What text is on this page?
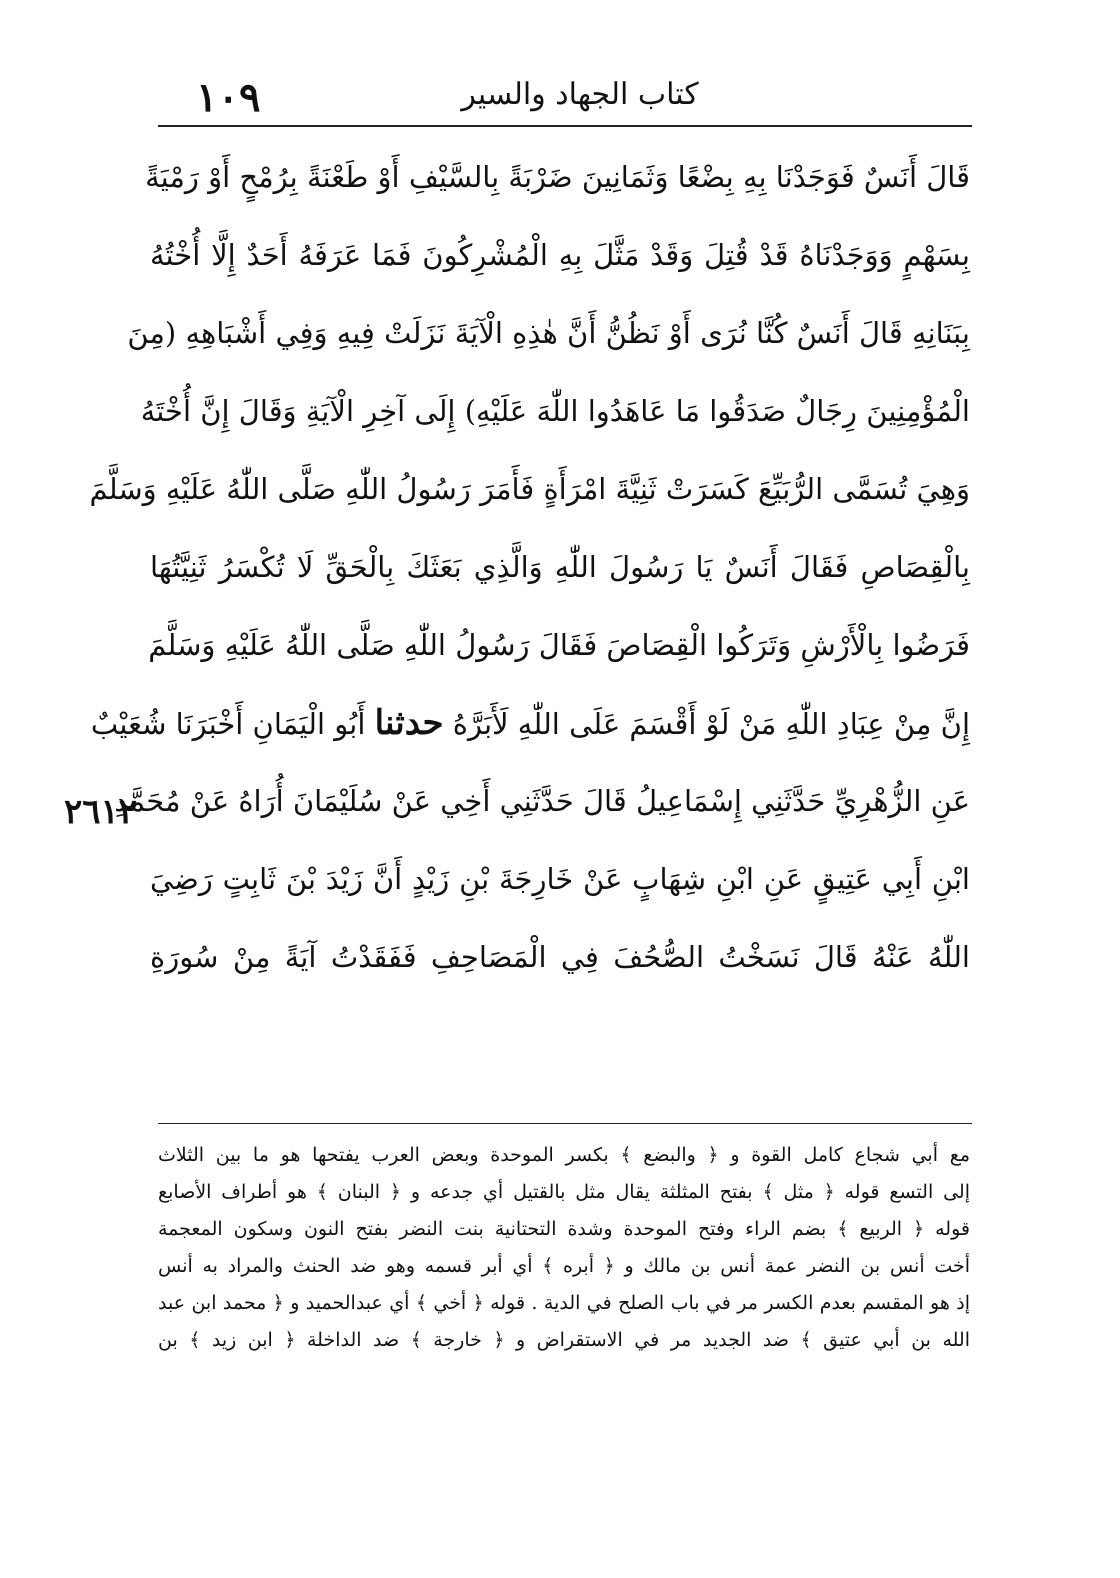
١٠٩	كتاب الجهاد والسير
٢٦١٢
قَالَ أَنَسٌ فَوَجَدْنَا بِهِ بِضْعًا وَثَمَانِينَ ضَرْبَةً بِالسَّيْفِ أَوْ طَعْنَةً بِرُمْحٍ أَوْ رَمْيَةً
بِسَهْمٍ وَوَجَدْنَاهُ قَدْ قُتِلَ وَقَدْ مَثَّلَ بِهِ الْمُشْرِكُونَ فَمَا عَرَفَهُ أَحَدٌ إِلَّا أُخْتُهُ
بِبَنَانِهِ قَالَ أَنَسٌ كُنَّا نُرَى أَوْ نَظُنُّ أَنَّ هٰذِهِ الْآيَةَ نَزَلَتْ فِيهِ وَفِي أَشْبَاهِهِ (مِنَ
الْمُؤْمِنِينَ رِجَالٌ صَدَقُوا مَا عَاهَدُوا اللّٰهَ عَلَيْهِ) إِلَى آخِرِ الْآيَةِ وَقَالَ إِنَّ أُخْتَهُ
وَهِيَ تُسَمَّى الرُّبَيِّعَ كَسَرَتْ ثَنِيَّةَ امْرَأَةٍ فَأَمَرَ رَسُولُ اللّٰهِ صَلَّى اللّٰهُ عَلَيْهِ وَسَلَّمَ
بِالْقِصَاصِ فَقَالَ أَنَسٌ يَا رَسُولَ اللّٰهِ وَالَّذِي بَعَثَكَ بِالْحَقِّ لَا تُكْسَرُ ثَنِيَّتُهَا
فَرَضُوا بِالْأَرْشِ وَتَرَكُوا الْقِصَاصَ فَقَالَ رَسُولُ اللّٰهِ صَلَّى اللّٰهُ عَلَيْهِ وَسَلَّمَ
إِنَّ مِنْ عِبَادِ اللّٰهِ مَنْ لَوْ أَقْسَمَ عَلَى اللّٰهِ لَأَبَرَّهُ حدثنا أَبُو الْيَمَانِ أَخْبَرَنَا شُعَيْبٌ
عَنِ الزُّهْرِيِّ حَدَّثَنِي إِسْمَاعِيلُ قَالَ حَدَّثَنِي أَخِي عَنْ سُلَيْمَانَ أُرَاهُ عَنْ مُحَمَّدِ
ابْنِ أَبِي عَتِيقٍ عَنِ ابْنِ شِهَابٍ عَنْ خَارِجَةَ بْنِ زَيْدٍ أَنَّ زَيْدَ بْنَ ثَابِتٍ رَضِيَ
اللّٰهُ عَنْهُ قَالَ نَسَخْتُ الصُّحُفَ فِي الْمَصَاحِفِ فَفَقَدْتُ آيَةً مِنْ سُورَةِ
مع أبي شجاع كامل القوة و ﴿ والبضع ﴾ بكسر الموحدة وبعض العرب يفتحها هو ما بين الثلاث
إلى التسع قوله ﴿ مثل ﴾ بفتح المثلثة يقال مثل بالقتيل أي جدعه و ﴿ البنان ﴾ هو أطراف الأصابع
قوله ﴿ الربيع ﴾ بضم الراء وفتح الموحدة وشدة التحتانية بنت النضر بفتح النون وسكون المعجمة
أخت أنس بن النضر عمة أنس بن مالك و ﴿ أبره ﴾ أي أبر قسمه وهو ضد الحنث والمراد به أنس
إذ هو المقسم بعدم الكسر مر في باب الصلح في الدية . قوله ﴿ أخي ﴾ أي عبدالحميد و ﴿ محمد ابن عبد
الله بن أبي عتيق ﴾ ضد الجديد مر في الاستقراض و ﴿ خارجة ﴾ ضد الداخلة ﴿ ابن زيد ﴾ بن
